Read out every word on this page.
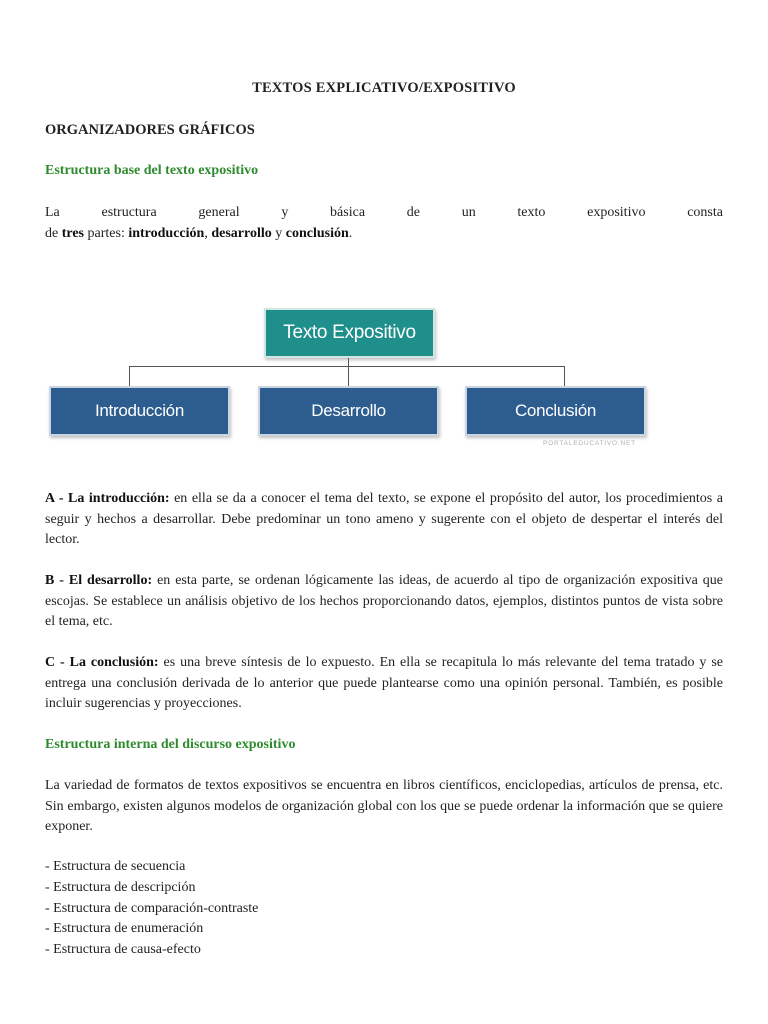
TEXTOS EXPLICATIVO/EXPOSITIVO
ORGANIZADORES GRÁFICOS
Estructura base del texto expositivo
La	estructura	general	y	básica	de	un	texto	expositivo	consta
de tres partes: introducción, desarrollo y conclusión.
Texto Expositivo
Introducción	Desarrollo	Conclusión
PORTALEDUCATIVO.NET

A - La introducción: en ella se da a conocer el tema del texto, se expone el propósito del autor, los procedimientos a seguir y hechos a desarrollar. Debe predominar un tono ameno y sugerente con el objeto de despertar el interés del lector.

B - El desarrollo: en esta parte, se ordenan lógicamente las ideas, de acuerdo al tipo de organización expositiva que escojas. Se establece un análisis objetivo de los hechos proporcionando datos, ejemplos, distintos puntos de vista sobre el tema, etc.

C - La conclusión: es una breve síntesis de lo expuesto. En ella se recapitula lo más relevante del tema tratado y se entrega una conclusión derivada de lo anterior que puede plantearse como una opinión personal. También, es posible incluir sugerencias y proyecciones.

Estructura interna del discurso expositivo

La variedad de formatos de textos expositivos se encuentra en libros científicos, enciclopedias, artículos de prensa, etc. Sin embargo, existen algunos modelos de organización global con los que se puede ordenar la información que se quiere exponer.

- Estructura de secuencia
- Estructura de descripción
- Estructura de comparación-contraste
- Estructura de enumeración
- Estructura de causa-efecto
